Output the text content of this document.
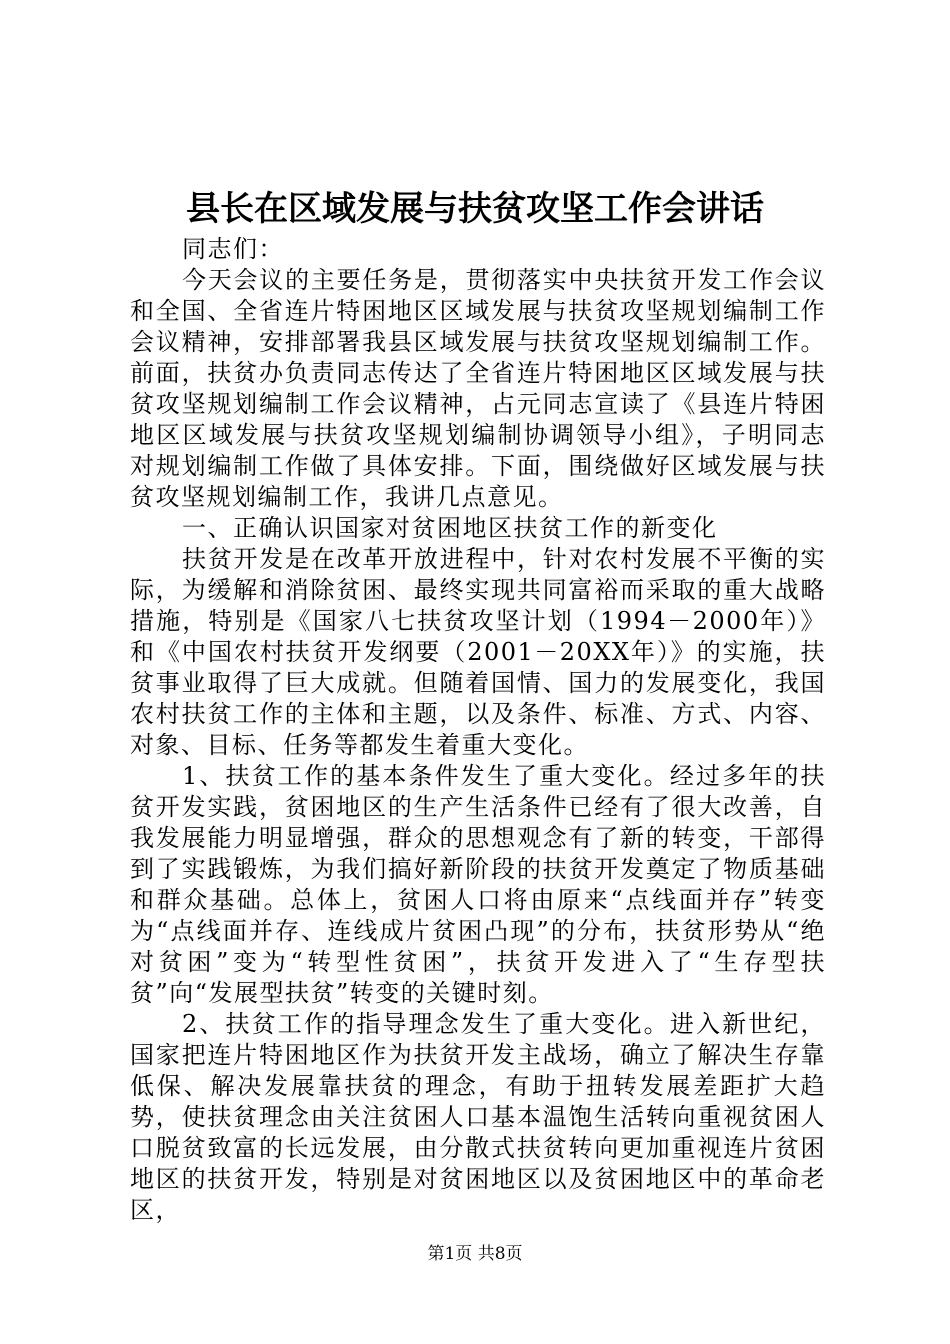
县长在区域发展与扶贫攻坚工作会讲话

同志们：

今天会议的主要任务是，贯彻落实中央扶贫开发工作会议和全国、全省连片特困地区区域发展与扶贫攻坚规划编制工作会议精神，安排部署我县区域发展与扶贫攻坚规划编制工作。前面，扶贫办负责同志传达了全省连片特困地区区域发展与扶贫攻坚规划编制工作会议精神，占元同志宣读了《县连片特困地区区域发展与扶贫攻坚规划编制协调领导小组》，子明同志对规划编制工作做了具体安排。下面，围绕做好区域发展与扶贫攻坚规划编制工作，我讲几点意见。

一、正确认识国家对贫困地区扶贫工作的新变化

扶贫开发是在改革开放进程中，针对农村发展不平衡的实际，为缓解和消除贫困、最终实现共同富裕而采取的重大战略措施，特别是《国家八七扶贫攻坚计划（1994－2000年）》和《中国农村扶贫开发纲要（2001－20XX年）》的实施，扶贫事业取得了巨大成就。但随着国情、国力的发展变化，我国农村扶贫工作的主体和主题，以及条件、标准、方式、内容、对象、目标、任务等都发生着重大变化。

1、扶贫工作的基本条件发生了重大变化。经过多年的扶贫开发实践，贫困地区的生产生活条件已经有了很大改善，自我发展能力明显增强，群众的思想观念有了新的转变，干部得到了实践锻炼，为我们搞好新阶段的扶贫开发奠定了物质基础和群众基础。总体上，贫困人口将由原来“点线面并存”转变为“点线面并存、连线成片贫困凸现”的分布，扶贫形势从“绝对贫困”变为“转型性贫困”，扶贫开发进入了“生存型扶贫”向“发展型扶贫”转变的关键时刻。

2、扶贫工作的指导理念发生了重大变化。进入新世纪，国家把连片特困地区作为扶贫开发主战场，确立了解决生存靠低保、解决发展靠扶贫的理念，有助于扭转发展差距扩大趋势，使扶贫理念由关注贫困人口基本温饱生活转向重视贫困人口脱贫致富的长远发展，由分散式扶贫转向更加重视连片贫困地区的扶贫开发，特别是对贫困地区以及贫困地区中的革命老区，

第1页 共8页
